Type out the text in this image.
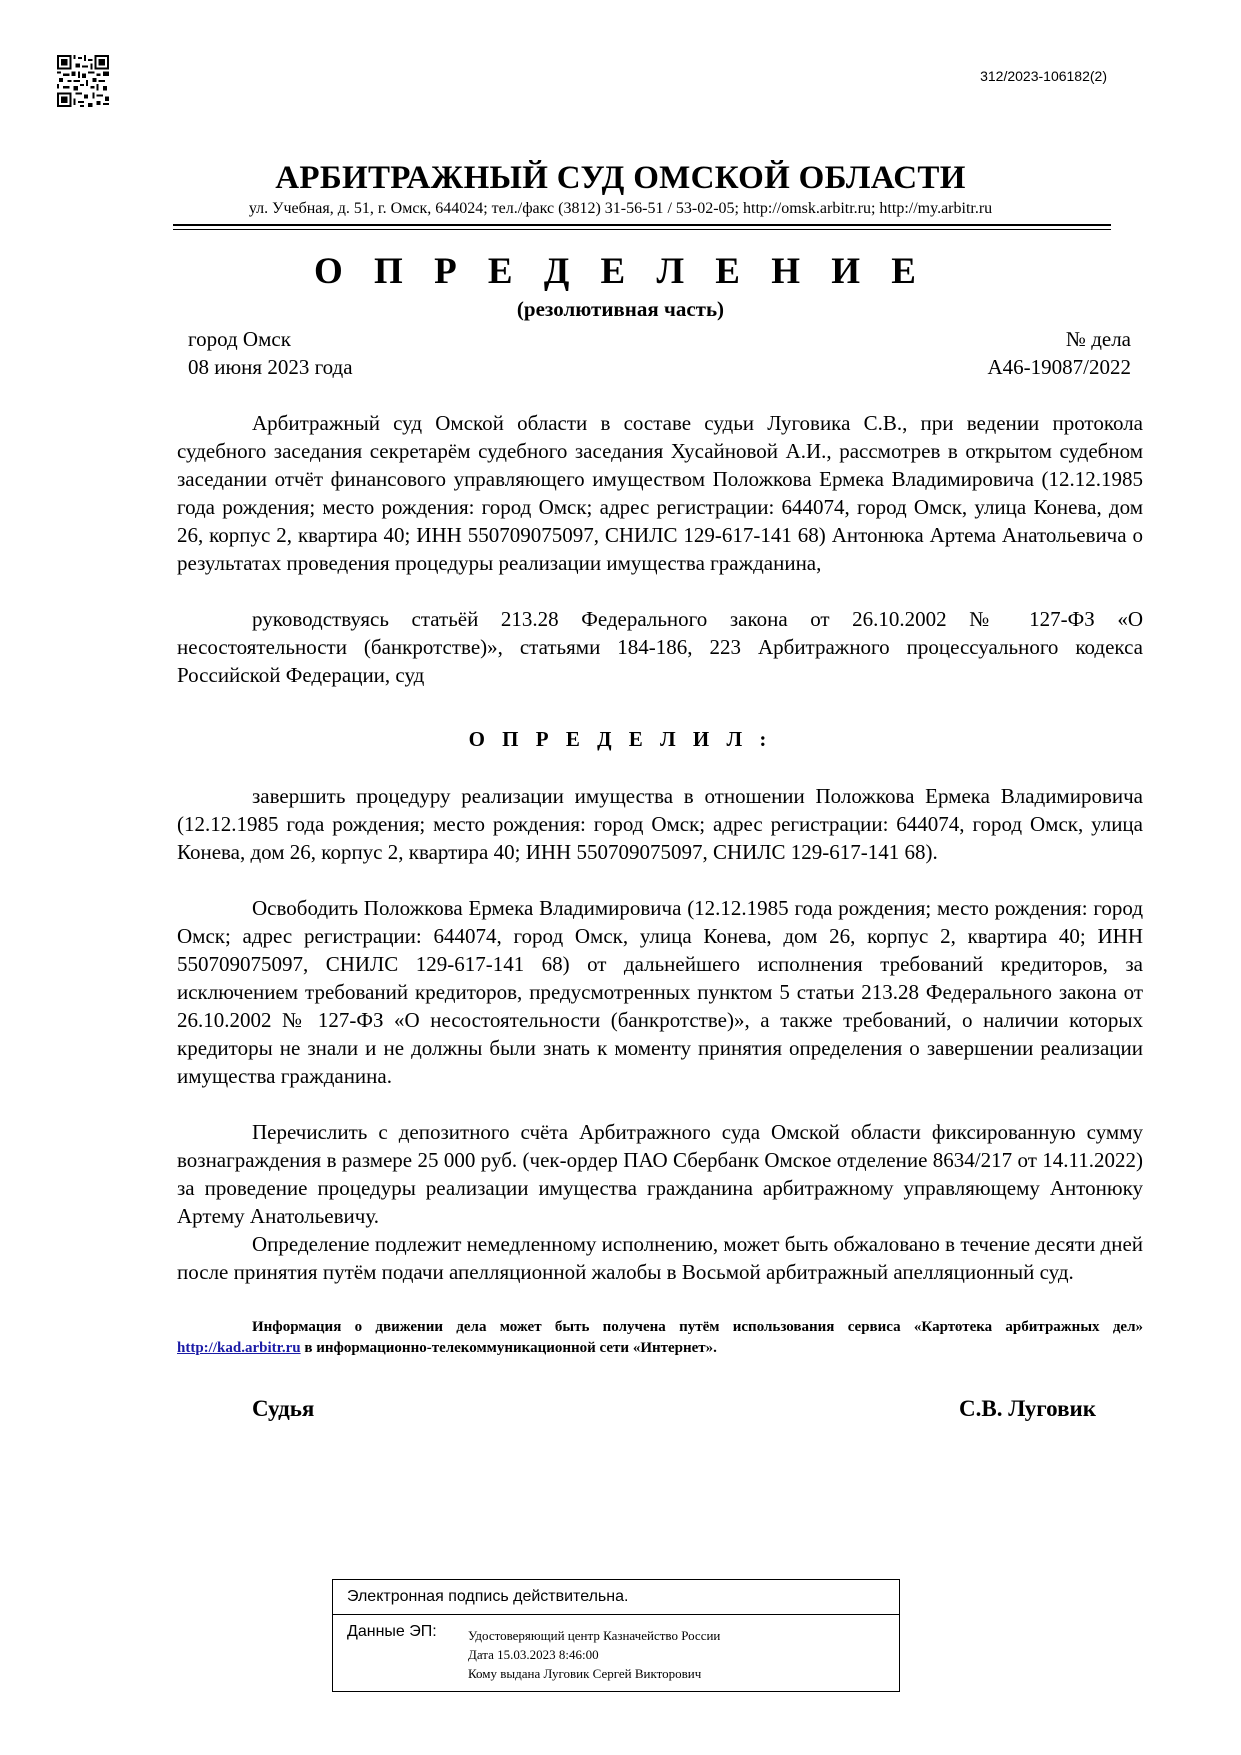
312/2023-106182(2)
АРБИТРАЖНЫЙ СУД ОМСКОЙ ОБЛАСТИ
ул. Учебная, д. 51, г. Омск, 644024; тел./факс (3812) 31-56-51 / 53-02-05; http://omsk.arbitr.ru; http://my.arbitr.ru
О П Р Е Д Е Л Е Н И Е
(резолютивная часть)
город Омск
08 июня 2023 года
№ дела
А46-19087/2022
Арбитражный суд Омской области в составе судьи Луговика С.В., при ведении протокола судебного заседания секретарём судебного заседания Хусайновой А.И., рассмотрев в открытом судебном заседании отчёт финансового управляющего имуществом Положкова Ермека Владимировича (12.12.1985 года рождения; место рождения: город Омск; адрес регистрации: 644074, город Омск, улица Конева, дом 26, корпус 2, квартира 40; ИНН 550709075097, СНИЛС 129-617-141 68) Антонюка Артема Анатольевича о результатах проведения процедуры реализации имущества гражданина,
руководствуясь статьёй 213.28 Федерального закона от 26.10.2002 № 127-ФЗ «О несостоятельности (банкротстве)», статьями 184-186, 223 Арбитражного процессуального кодекса Российской Федерации, суд
О П Р Е Д Е Л И Л :
завершить процедуру реализации имущества в отношении Положкова Ермека Владимировича (12.12.1985 года рождения; место рождения: город Омск; адрес регистрации: 644074, город Омск, улица Конева, дом 26, корпус 2, квартира 40; ИНН 550709075097, СНИЛС 129-617-141 68).
Освободить Положкова Ермека Владимировича (12.12.1985 года рождения; место рождения: город Омск; адрес регистрации: 644074, город Омск, улица Конева, дом 26, корпус 2, квартира 40; ИНН 550709075097, СНИЛС 129-617-141 68) от дальнейшего исполнения требований кредиторов, за исключением требований кредиторов, предусмотренных пунктом 5 статьи 213.28 Федерального закона от 26.10.2002 № 127-ФЗ «О несостоятельности (банкротстве)», а также требований, о наличии которых кредиторы не знали и не должны были знать к моменту принятия определения о завершении реализации имущества гражданина.
Перечислить с депозитного счёта Арбитражного суда Омской области фиксированную сумму вознаграждения в размере 25 000 руб. (чек-ордер ПАО Сбербанк Омское отделение 8634/217 от 14.11.2022) за проведение процедуры реализации имущества гражданина арбитражному управляющему Антонюку Артему Анатольевичу.
Определение подлежит немедленному исполнению, может быть обжаловано в течение десяти дней после принятия путём подачи апелляционной жалобы в Восьмой арбитражный апелляционный суд.
Информация о движении дела может быть получена путём использования сервиса «Картотека арбитражных дел» http://kad.arbitr.ru в информационно-телекоммуникационной сети «Интернет».
Судья	С.В. Луговик
Электронная подпись действительна.
Данные ЭП: Удостоверяющий центр Казначейство России
Дата 15.03.2023 8:46:00
Кому выдана Луговик Сергей Викторович
